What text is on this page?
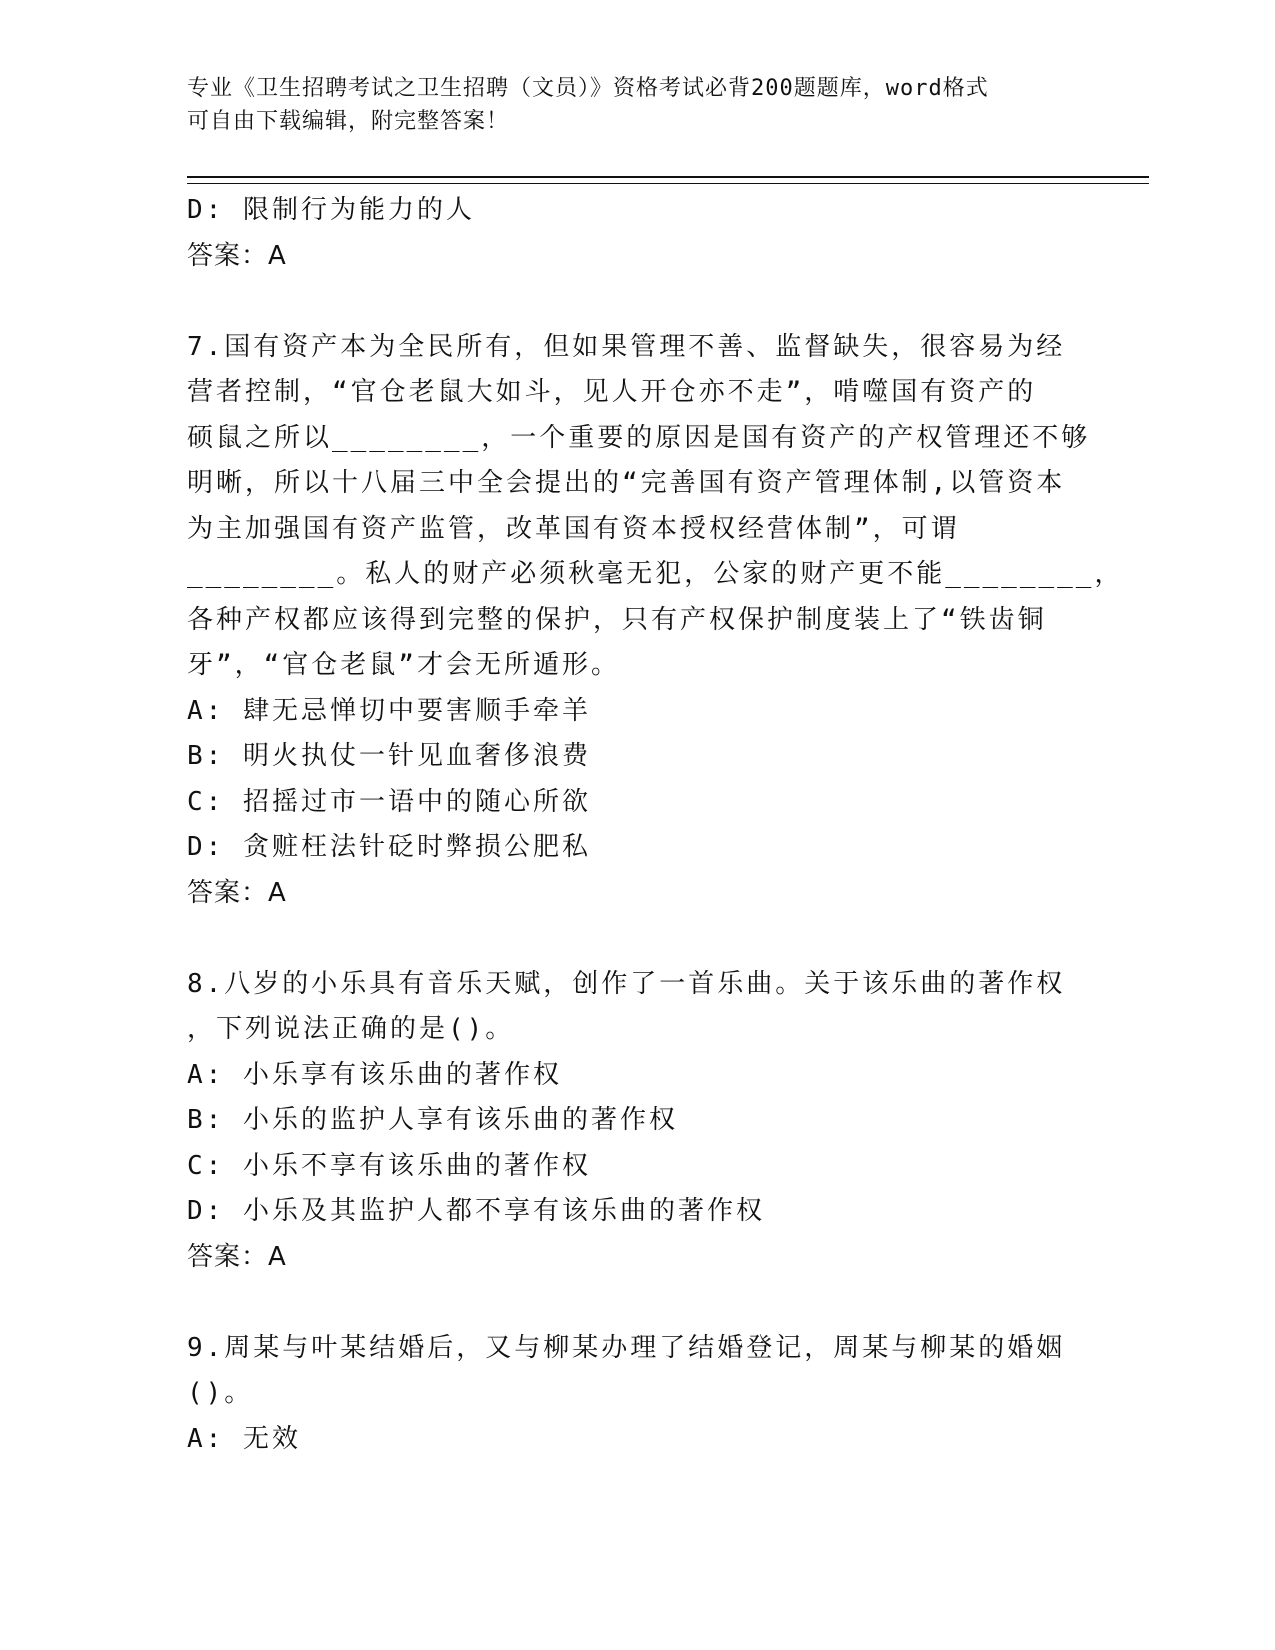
专业《卫生招聘考试之卫生招聘（文员）》资格考试必背200题题库，word格式
可自由下载编辑，附完整答案！
D: 限制行为能力的人
答案：A
7.国有资产本为全民所有，但如果管理不善、监督缺失，很容易为经
营者控制，“官仓老鼠大如斗，见人开仓亦不走”，啃噬国有资产的
硕鼠之所以________，一个重要的原因是国有资产的产权管理还不够
明晰，所以十八届三中全会提出的“完善国有资产管理体制,以管资本
为主加强国有资产监管，改革国有资本授权经营体制”，可谓
________。私人的财产必须秋毫无犯，公家的财产更不能________，
各种产权都应该得到完整的保护，只有产权保护制度装上了“铁齿铜
牙”，“官仓老鼠”才会无所遁形。
A: 肆无忌惮切中要害顺手牵羊
B: 明火执仗一针见血奢侈浪费
C: 招摇过市一语中的随心所欲
D: 贪赃枉法针砭时弊损公肥私
答案：A
8.八岁的小乐具有音乐天赋，创作了一首乐曲。关于该乐曲的著作权
，下列说法正确的是()。
A: 小乐享有该乐曲的著作权
B: 小乐的监护人享有该乐曲的著作权
C: 小乐不享有该乐曲的著作权
D: 小乐及其监护人都不享有该乐曲的著作权
答案：A
9.周某与叶某结婚后，又与柳某办理了结婚登记，周某与柳某的婚姻
()。
A: 无效
